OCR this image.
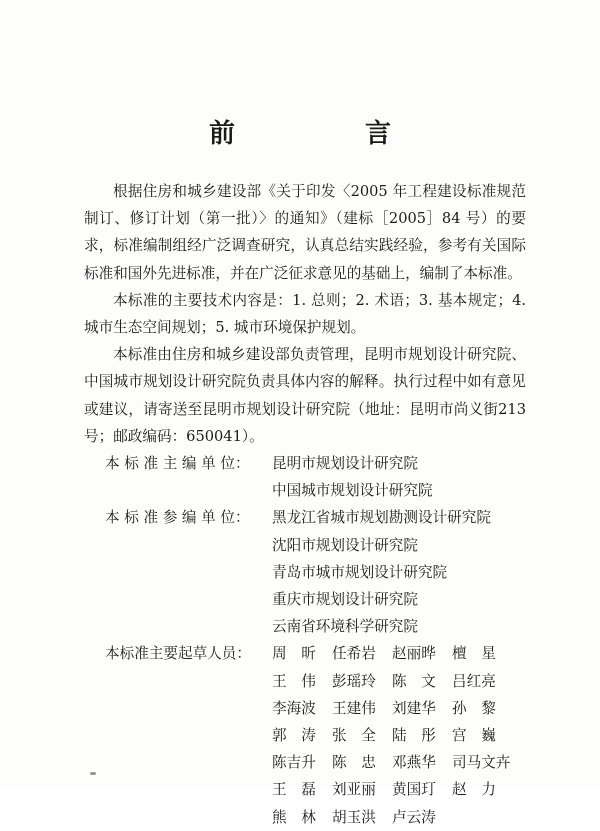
前　言

根据住房和城乡建设部《关于印发〈2005 年工程建设标准规范制订、修订计划（第一批）〉的通知》（建标［2005］84 号）的要求，标准编制组经广泛调查研究，认真总结实践经验，参考有关国际标准和国外先进标准，并在广泛征求意见的基础上，编制了本标准。

本标准的主要技术内容是：1. 总则；2. 术语；3. 基本规定；4. 城市生态空间规划；5. 城市环境保护规划。

本标准由住房和城乡建设部负责管理，昆明市规划设计研究院、中国城市规划设计研究院负责具体内容的解释。执行过程中如有意见或建议，请寄送至昆明市规划设计研究院（地址：昆明市尚义街213号；邮政编码：650041）。

本 标 准 主 编 单 位：	昆明市规划设计研究院
中国城市规划设计研究院
本 标 准 参 编 单 位：	黑龙江省城市规划勘测设计研究院
沈阳市规划设计研究院
青岛市城市规划设计研究院
重庆市规划设计研究院
云南省环境科学研究院
本标准主要起草人员：	周　昕	任希岩	赵丽晔	檀　星
王　伟	彭瑶玲	陈　文	吕红亮
李海波	王建伟	刘建华	孙　黎
郭　涛	张　全	陆　彤	宫　巍
陈吉升	陈　忠	邓燕华	司马文卉
王　磊	刘亚丽	黄国玎	赵　力
熊　林	胡玉洪	卢云涛
